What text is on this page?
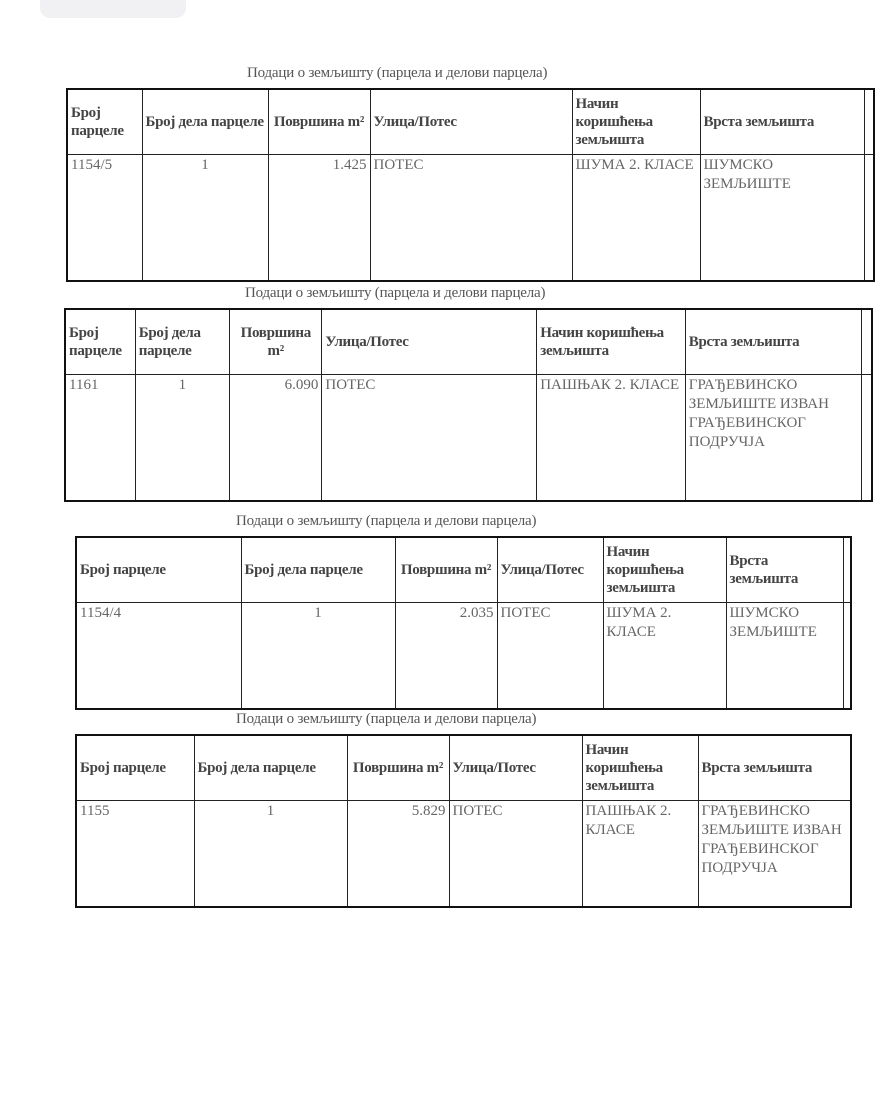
Подаци о земљишту (парцела и делови парцела)
Број парцеле	Број дела парцеле	Површина m²	Улица/Потес	Начин коришћења земљишта	Врста земљишта	
1154/5	1	1.425	ПОТЕС	ШУМА 2. КЛАСЕ	ШУМСКО ЗЕМЉИШТЕ	
Подаци о земљишту (парцела и делови парцела)
Број парцеле	Број дела парцеле	Површина m²	Улица/Потес	Начин коришћења земљишта	Врста земљишта	
1161	1	6.090	ПОТЕС	ПАШЊАК 2. КЛАСЕ	ГРАЂЕВИНСКО ЗЕМЉИШТЕ ИЗВАН ГРАЂЕВИНСКОГ ПОДРУЧЈА	
Подаци о земљишту (парцела и делови парцела)
Број парцеле	Број дела парцеле	Површина m²	Улица/Потес	Начин коришћења земљишта	Врста земљишта	
1154/4	1	2.035	ПОТЕС	ШУМА 2. КЛАСЕ	ШУМСКО ЗЕМЉИШТЕ	
Подаци о земљишту (парцела и делови парцела)
Број парцеле	Број дела парцеле	Површина m²	Улица/Потес	Начин коришћења земљишта	Врста земљишта
1155	1	5.829	ПОТЕС	ПАШЊАК 2. КЛАСЕ	ГРАЂЕВИНСКО ЗЕМЉИШТЕ ИЗВАН ГРАЂЕВИНСКОГ ПОДРУЧЈА
